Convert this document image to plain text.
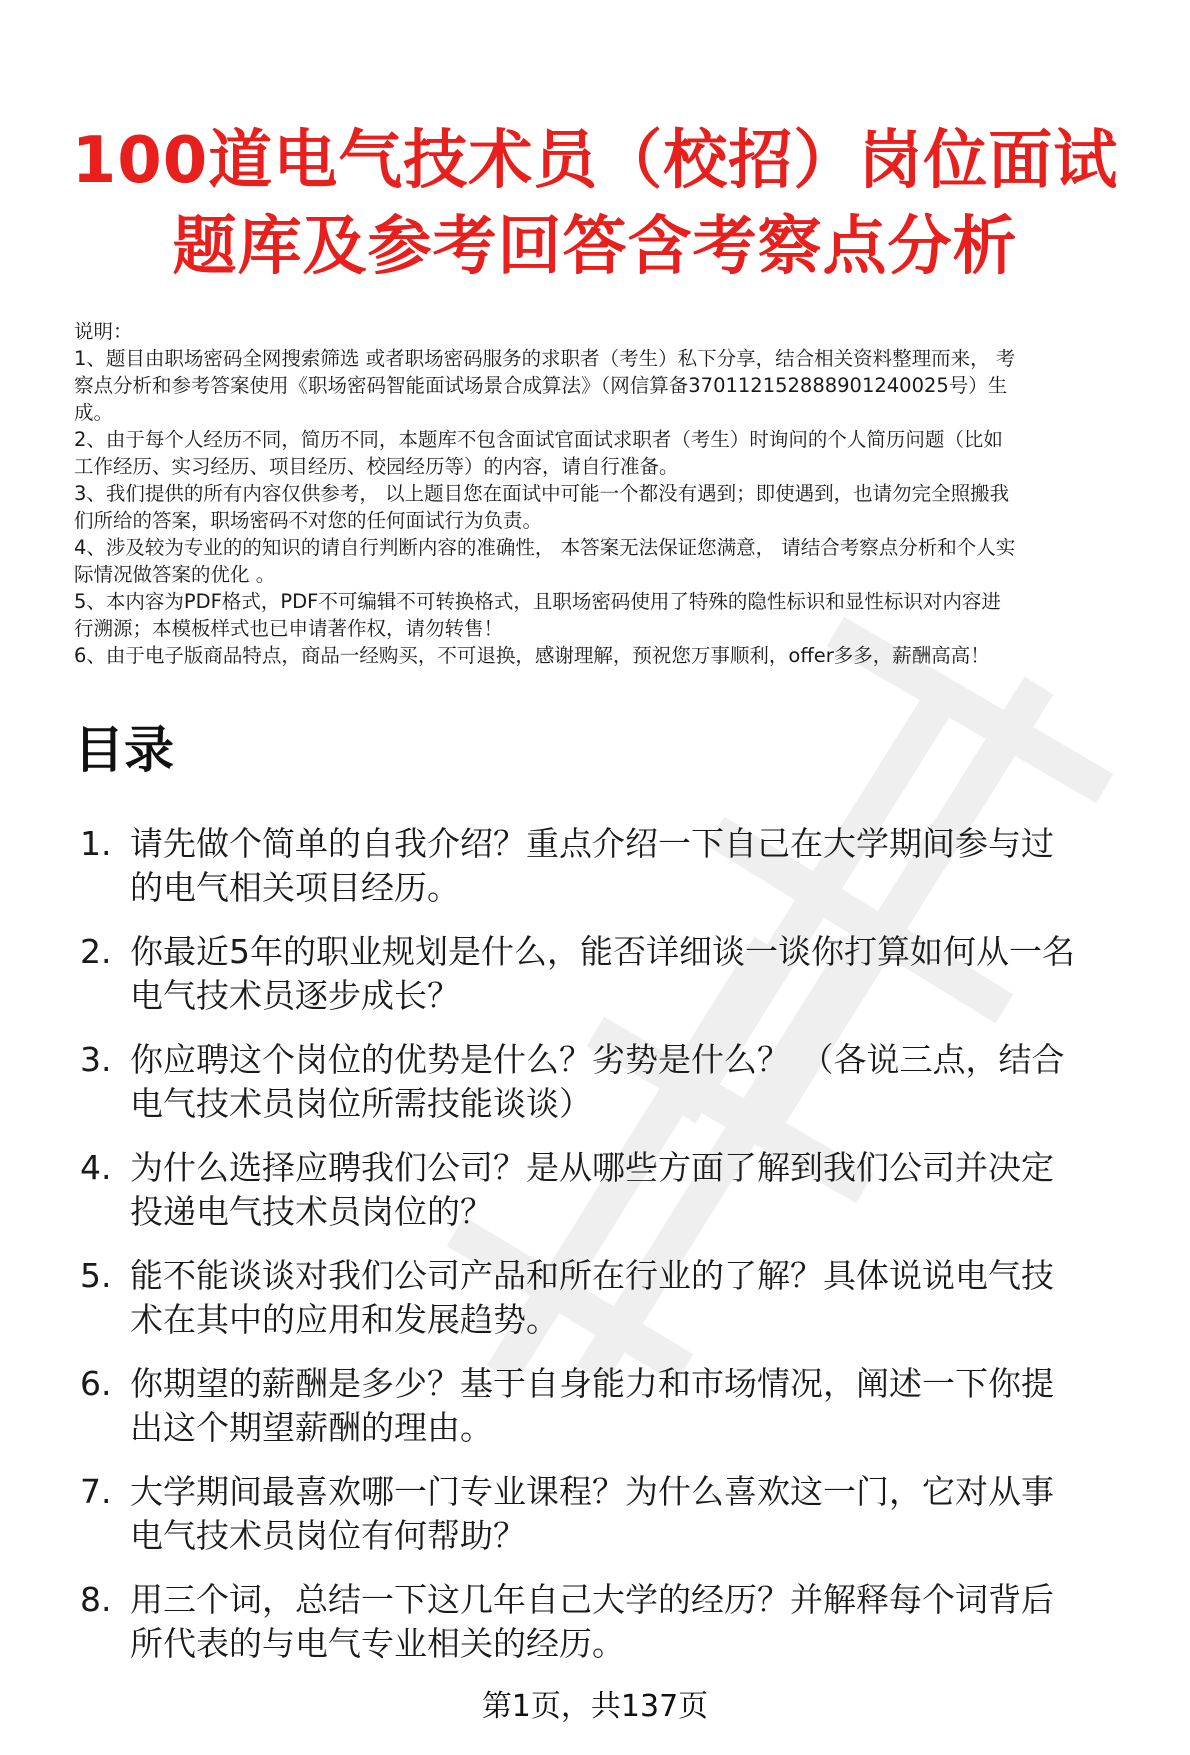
100道电气技术员（校招）岗位面试
题库及参考回答含考察点分析
说明：
1、题目由职场密码全网搜索筛选 或者职场密码服务的求职者（考生）私下分享，结合相关资料整理而来， 考
察点分析和参考答案使用《职场密码智能面试场景合成算法》（网信算备370112152888901240025号）生
成。
2、由于每个人经历不同，简历不同，本题库不包含面试官面试求职者（考生）时询问的个人简历问题（比如
工作经历、实习经历、项目经历、校园经历等）的内容，请自行准备。
3、我们提供的所有内容仅供参考， 以上题目您在面试中可能一个都没有遇到；即使遇到，也请勿完全照搬我
们所给的答案，职场密码不对您的任何面试行为负责。
4、涉及较为专业的的知识的请自行判断内容的准确性， 本答案无法保证您满意， 请结合考察点分析和个人实
际情况做答案的优化 。
5、本内容为PDF格式，PDF不可编辑不可转换格式，且职场密码使用了特殊的隐性标识和显性标识对内容进
行溯源；本模板样式也已申请著作权，请勿转售！
6、由于电子版商品特点，商品一经购买，不可退换，感谢理解，预祝您万事顺利，offer多多，薪酬高高！
目录
1. 请先做个简单的自我介绍？重点介绍一下自己在大学期间参与过
的电气相关项目经历。
2. 你最近5年的职业规划是什么，能否详细谈一谈你打算如何从一名
电气技术员逐步成长？
3. 你应聘这个岗位的优势是什么？劣势是什么？ （各说三点，结合
电气技术员岗位所需技能谈谈）
4. 为什么选择应聘我们公司？是从哪些方面了解到我们公司并决定
投递电气技术员岗位的？
5. 能不能谈谈对我们公司产品和所在行业的了解？具体说说电气技
术在其中的应用和发展趋势。
6. 你期望的薪酬是多少？基于自身能力和市场情况，阐述一下你提
出这个期望薪酬的理由。
7. 大学期间最喜欢哪一门专业课程？为什么喜欢这一门，它对从事
电气技术员岗位有何帮助？
8. 用三个词，总结一下这几年自己大学的经历？并解释每个词背后
所代表的与电气专业相关的经历。
第1页，共137页
